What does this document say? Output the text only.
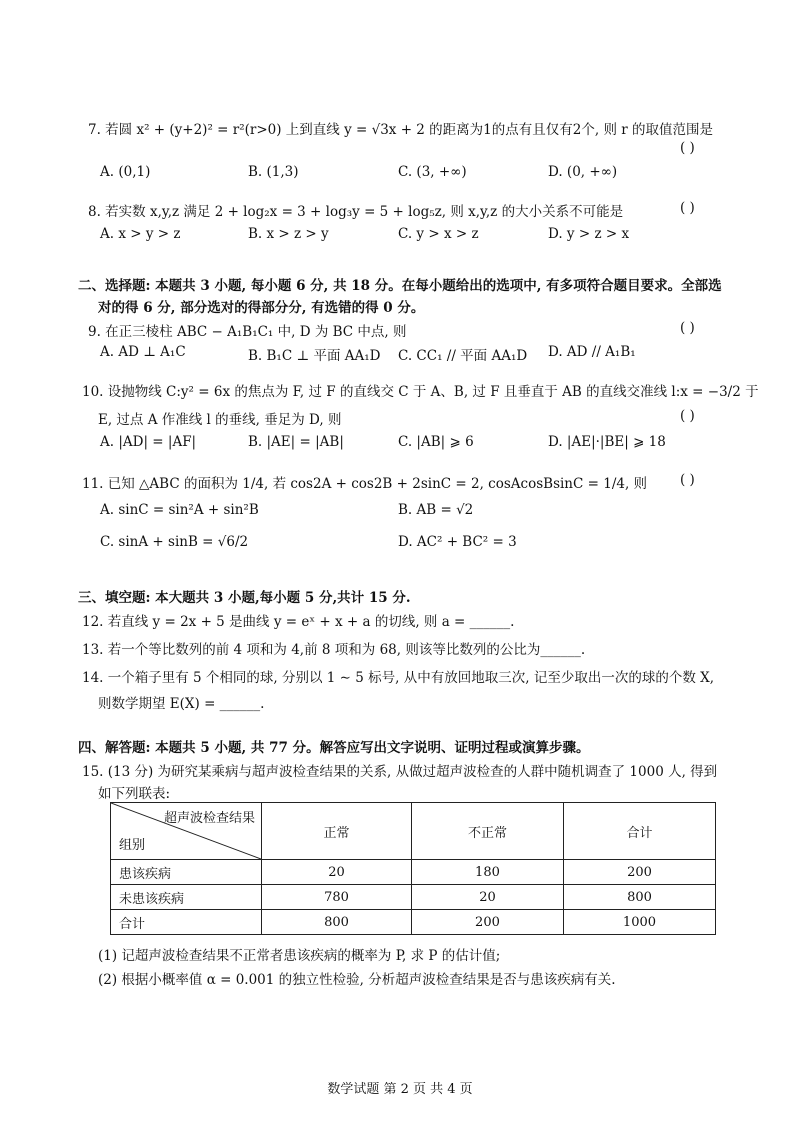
7. 若圆 x² + (y+2)² = r²(r>0) 上到直线 y = √3x + 2 的距离为1的点有且仅有2个, 则 r 的取值范围是
( )
A. (0,1)	B. (1,3)	C. (3, +∞)	D. (0, +∞)
8. 若实数 x,y,z 满足 2 + log₂x = 3 + log₃y = 5 + log₅z, 则 x,y,z 的大小关系不可能是	( )
A. x > y > z	B. x > z > y	C. y > x > z	D. y > z > x
二、选择题: 本题共 3 小题, 每小题 6 分, 共 18 分。在每小题给出的选项中, 有多项符合题目要求。全部选
对的得 6 分, 部分选对的得部分分, 有选错的得 0 分。
9. 在正三棱柱 ABC − A₁B₁C₁ 中, D 为 BC 中点, 则	( )
A. AD ⊥ A₁C	B. B₁C ⊥ 平面 AA₁D C. CC₁ // 平面 AA₁D D. AD // A₁B₁
10. 设抛物线 C:y² = 6x 的焦点为 F, 过 F 的直线交 C 于 A、B, 过 F 且垂直于 AB 的直线交准线 l:x = −3/2 于
E, 过点 A 作准线 l 的垂线, 垂足为 D, 则	( )
A. |AD| = |AF|	B. |AE| = |AB|	C. |AB| ⩾ 6	D. |AE|·|BE| ⩾ 18
11. 已知 △ABC 的面积为 1/4, 若 cos2A + cos2B + 2sinC = 2, cosAcosBsinC = 1/4, 则 ( )
A. sinC = sin²A + sin²B	B. AB = √2
C. sinA + sinB = √6/2	D. AC² + BC² = 3
三、填空题: 本大题共 3 小题,每小题 5 分,共计 15 分.
12. 若直线 y = 2x + 5 是曲线 y = eˣ + x + a 的切线, 则 a = ______.
13. 若一个等比数列的前 4 项和为 4,前 8 项和为 68, 则该等比数列的公比为______.
14. 一个箱子里有 5 个相同的球, 分别以 1 ∼ 5 标号, 从中有放回地取三次, 记至少取出一次的球的个数 X,
则数学期望 E(X) = ______.
四、解答题: 本题共 5 小题, 共 77 分。解答应写出文字说明、证明过程或演算步骤。
15. (13 分) 为研究某乘病与超声波检查结果的关系, 从做过超声波检查的人群中随机调查了 1000 人, 得到
如下列联表:
超声波检查结果
组别	正常	不正常	合计
患该疾病	20	180	200
未患该疾病	780	20	800
合计	800	200	1000
(1) 记超声波检查结果不正常者患该疾病的概率为 P, 求 P 的估计值;
(2) 根据小概率值 α = 0.001 的独立性检验, 分析超声波检查结果是否与患该疾病有关.
数学试题 第 2 页 共 4 页
